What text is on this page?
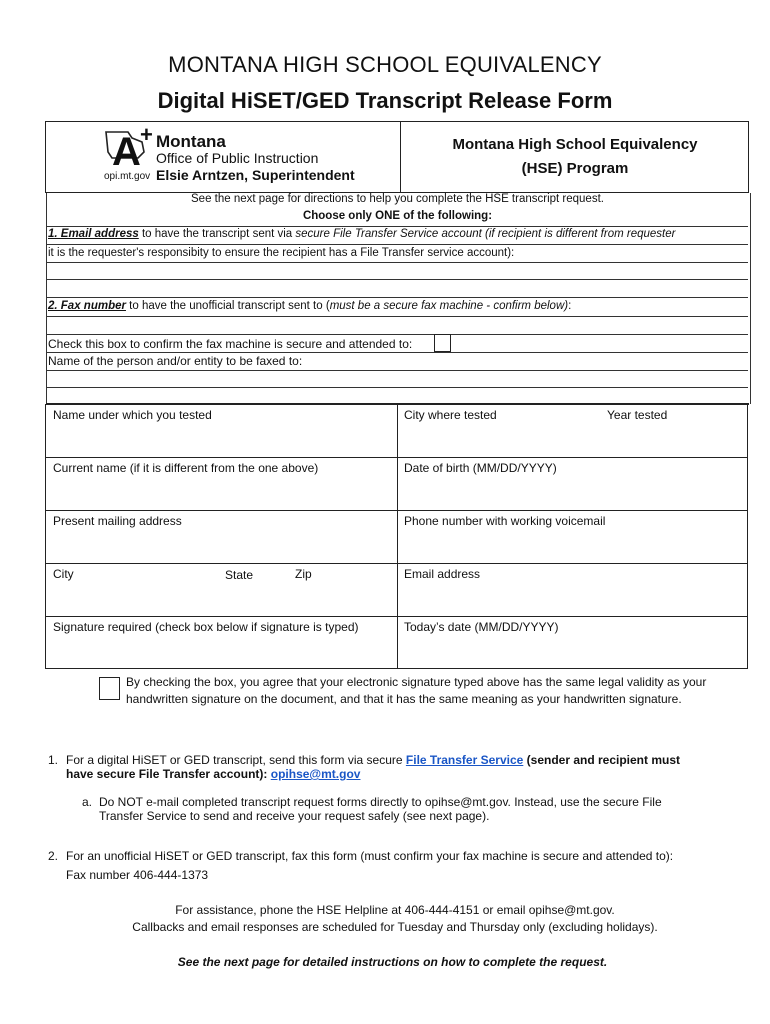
MONTANA HIGH SCHOOL EQUIVALENCY
Digital HiSET/GED Transcript Release Form
A + Montana
Office of Public Instruction
Elsie Arntzen, Superintendent
opi.mt.gov
Montana High School Equivalency
(HSE) Program
See the next page for directions to help you complete the HSE transcript request.
Choose only ONE of the following:
1. Email address to have the transcript sent via secure File Transfer Service account (if recipient is different from requester
it is the requester's responsibity to ensure the recipient has a File Transfer service account):
2. Fax number to have the unofficial transcript sent to (must be a secure fax machine - confirm below):
Check this box to confirm the fax machine is secure and attended to:
Name of the person and/or entity to be faxed to:
Name under which you tested	City where tested	Year tested
Current name (if it is different from the one above)	Date of birth (MM/DD/YYYY)
Present mailing address	Phone number with working voicemail
City	State	Zip	Email address
Signature required (check box below if signature is typed)	Today’s date (MM/DD/YYYY)
By checking the box, you agree that your electronic signature typed above has the same legal validity as your
handwritten signature on the document, and that it has the same meaning as your handwritten signature.
1. For a digital HiSET or GED transcript, send this form via secure File Transfer Service (sender and recipient must
have secure File Transfer account): opihse@mt.gov
a. Do NOT e-mail completed transcript request forms directly to opihse@mt.gov. Instead, use the secure File
Transfer Service to send and receive your request safely (see next page).
2. For an unofficial HiSET or GED transcript, fax this form (must confirm your fax machine is secure and attended to):
Fax number 406-444-1373
For assistance, phone the HSE Helpline at 406-444-4151 or email opihse@mt.gov.
Callbacks and email responses are scheduled for Tuesday and Thursday only (excluding holidays).
See the next page for detailed instructions on how to complete the request.
